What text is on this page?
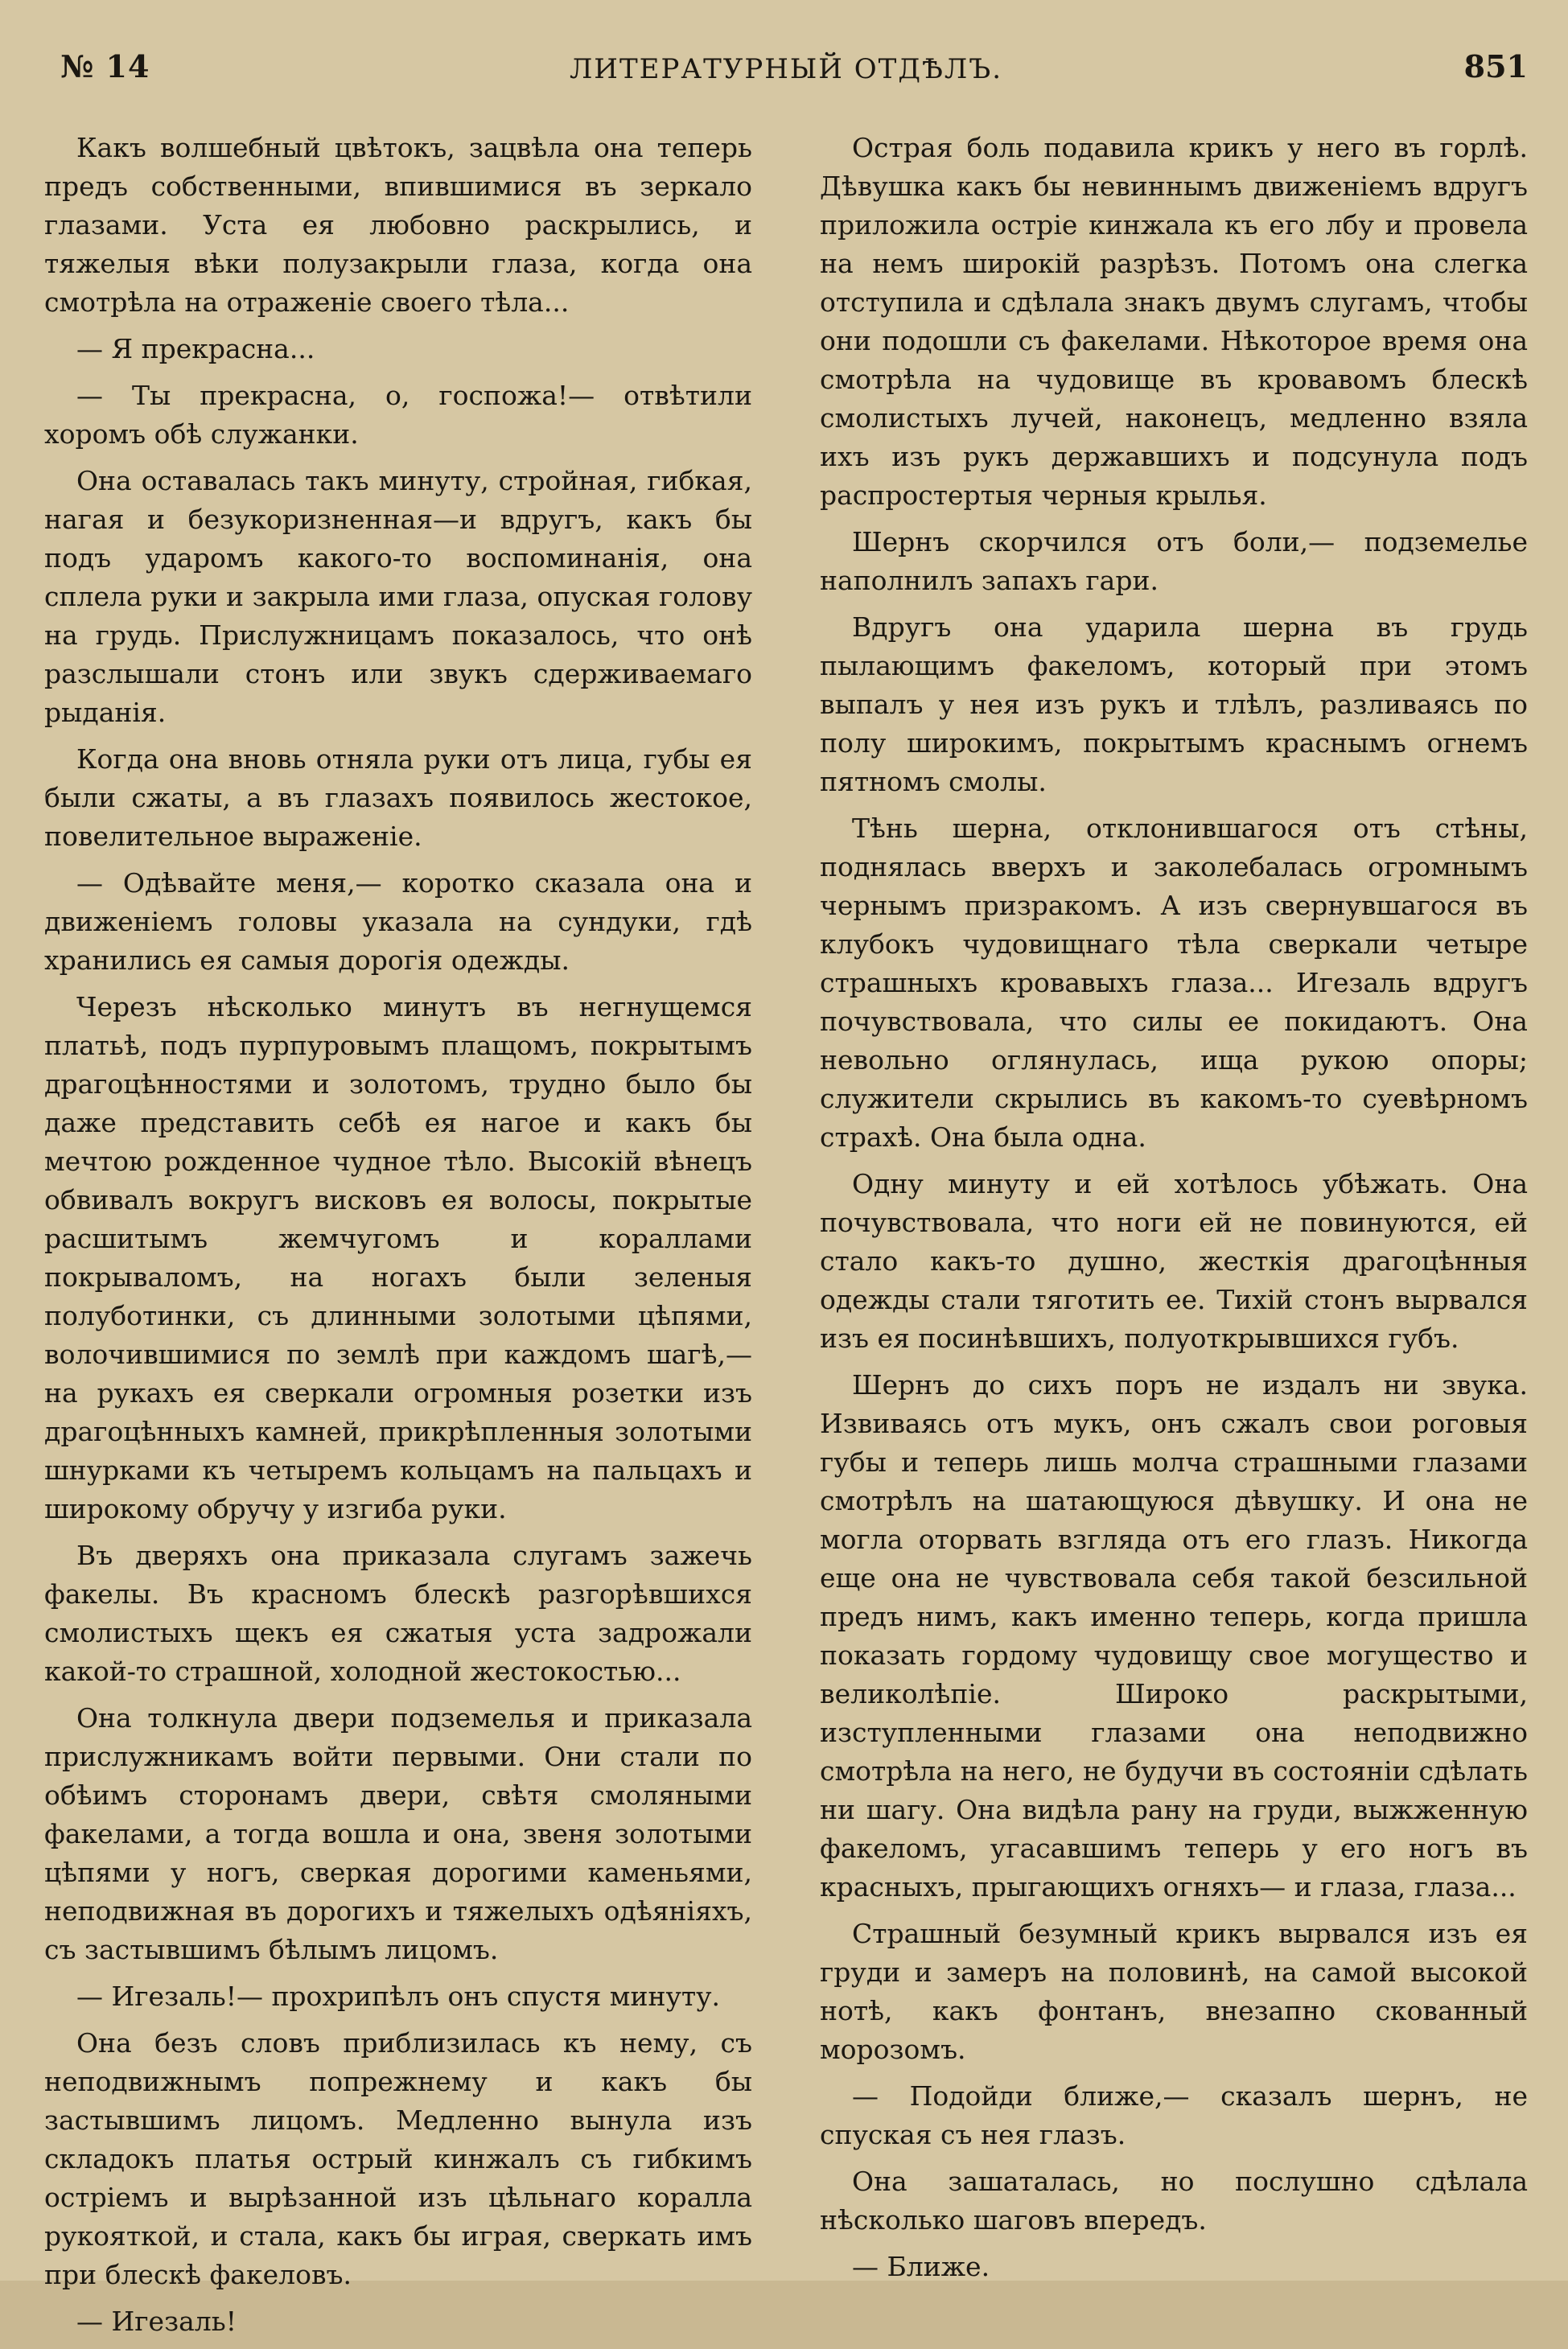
№ 14	ЛИТЕРАТУРНЫЙ ОТДѢЛЪ.	851

Какъ волшебный цвѣтокъ, зацвѣла она теперь предъ собственными, впившимися въ зеркало глазами. Уста ея любовно раскрылись, и тяжелыя вѣки полузакрыли глаза, когда она смотрѣла на отраженіе своего тѣла...

— Я прекрасна...

— Ты прекрасна, о, госпожа!— отвѣтили хоромъ обѣ служанки.

Она оставалась такъ минуту, стройная, гибкая, нагая и безукоризненная—и вдругъ, какъ бы подъ ударомъ какого-то воспоминанія, она сплела руки и закрыла ими глаза, опуская голову на грудь. Прислужницамъ показалось, что онѣ разслышали стонъ или звукъ сдерживаемаго рыданія.

Когда она вновь отняла руки отъ лица, губы ея были сжаты, а въ глазахъ появилось жестокое, повелительное выраженіе.

— Одѣвайте меня,— коротко сказала она и движеніемъ головы указала на сундуки, гдѣ хранились ея самыя дорогія одежды.

Черезъ нѣсколько минутъ въ негнущемся платьѣ, подъ пурпуровымъ плащомъ, покрытымъ драгоцѣнностями и золотомъ, трудно было бы даже представить себѣ ея нагое и какъ бы мечтою рожденное чудное тѣло. Высокій вѣнецъ обвивалъ вокругъ висковъ ея волосы, покрытые расшитымъ жемчугомъ и кораллами покрываломъ, на ногахъ были зеленыя полуботинки, съ длинными золотыми цѣпями, волочившимися по землѣ при каждомъ шагѣ,— на рукахъ ея сверкали огромныя розетки изъ драгоцѣнныхъ камней, прикрѣпленныя золотыми шнурками къ четыремъ кольцамъ на пальцахъ и широкому обручу у изгиба руки.

Въ дверяхъ она приказала слугамъ зажечь факелы. Въ красномъ блескѣ разгорѣвшихся смолистыхъ щекъ ея сжатыя уста задрожали какой-то страшной, холодной жестокостью...

Она толкнула двери подземелья и приказала прислужникамъ войти первыми. Они стали по обѣимъ сторонамъ двери, свѣтя смоляными факелами, а тогда вошла и она, звеня золотыми цѣпями у ногъ, сверкая дорогими каменьями, неподвижная въ дорогихъ и тяжелыхъ одѣяніяхъ, съ застывшимъ бѣлымъ лицомъ.

— Игезаль!— прохрипѣлъ онъ спустя минуту.

Она безъ словъ приблизилась къ нему, съ неподвижнымъ попрежнему и какъ бы застывшимъ лицомъ. Медленно вынула изъ складокъ платья острый кинжалъ съ гибкимъ остріемъ и вырѣзанной изъ цѣльнаго коралла рукояткой, и стала, какъ бы играя, сверкать имъ при блескѣ факеловъ.

— Игезаль!

Острая боль подавила крикъ у него въ горлѣ. Дѣвушка какъ бы невиннымъ движеніемъ вдругъ приложила остріе кинжала къ его лбу и провела на немъ широкій разрѣзъ. Потомъ она слегка отступила и сдѣлала знакъ двумъ слугамъ, чтобы они подошли съ факелами. Нѣкоторое время она смотрѣла на чудовище въ кровавомъ блескѣ смолистыхъ лучей, наконецъ, медленно взяла ихъ изъ рукъ державшихъ и подсунула подъ распростертыя черныя крылья.

Шернъ скорчился отъ боли,— подземелье наполнилъ запахъ гари.

Вдругъ она ударила шерна въ грудь пылающимъ факеломъ, который при этомъ выпалъ у нея изъ рукъ и тлѣлъ, разливаясь по полу широкимъ, покрытымъ краснымъ огнемъ пятномъ смолы.

Тѣнь шерна, отклонившагося отъ стѣны, поднялась вверхъ и заколебалась огромнымъ чернымъ призракомъ. А изъ свернувшагося въ клубокъ чудовищнаго тѣла сверкали четыре страшныхъ кровавыхъ глаза... Игезаль вдругъ почувствовала, что силы ее покидаютъ. Она невольно оглянулась, ища рукою опоры; служители скрылись въ какомъ-то суевѣрномъ страхѣ. Она была одна.

Одну минуту и ей хотѣлось убѣжать. Она почувствовала, что ноги ей не повинуются, ей стало какъ-то душно, жесткія драгоцѣнныя одежды стали тяготить ее. Тихій стонъ вырвался изъ ея посинѣвшихъ, полуоткрывшихся губъ.

Шернъ до сихъ поръ не издалъ ни звука. Извиваясь отъ мукъ, онъ сжалъ свои роговыя губы и теперь лишь молча страшными глазами смотрѣлъ на шатающуюся дѣвушку. И она не могла оторвать взгляда отъ его глазъ. Никогда еще она не чувствовала себя такой безсильной предъ нимъ, какъ именно теперь, когда пришла показать гордому чудовищу свое могущество и великолѣпіе. Широко раскрытыми, изступленными глазами она неподвижно смотрѣла на него, не будучи въ состояніи сдѣлать ни шагу. Она видѣла рану на груди, выжженную факеломъ, угасавшимъ теперь у его ногъ въ красныхъ, прыгающихъ огняхъ— и глаза, глаза...

Страшный безумный крикъ вырвался изъ ея груди и замеръ на половинѣ, на самой высокой нотѣ, какъ фонтанъ, внезапно скованный морозомъ.

— Подойди ближе,— сказалъ шернъ, не спуская съ нея глазъ.

Она зашаталась, но послушно сдѣлала нѣсколько шаговъ впередъ.

— Ближе.
